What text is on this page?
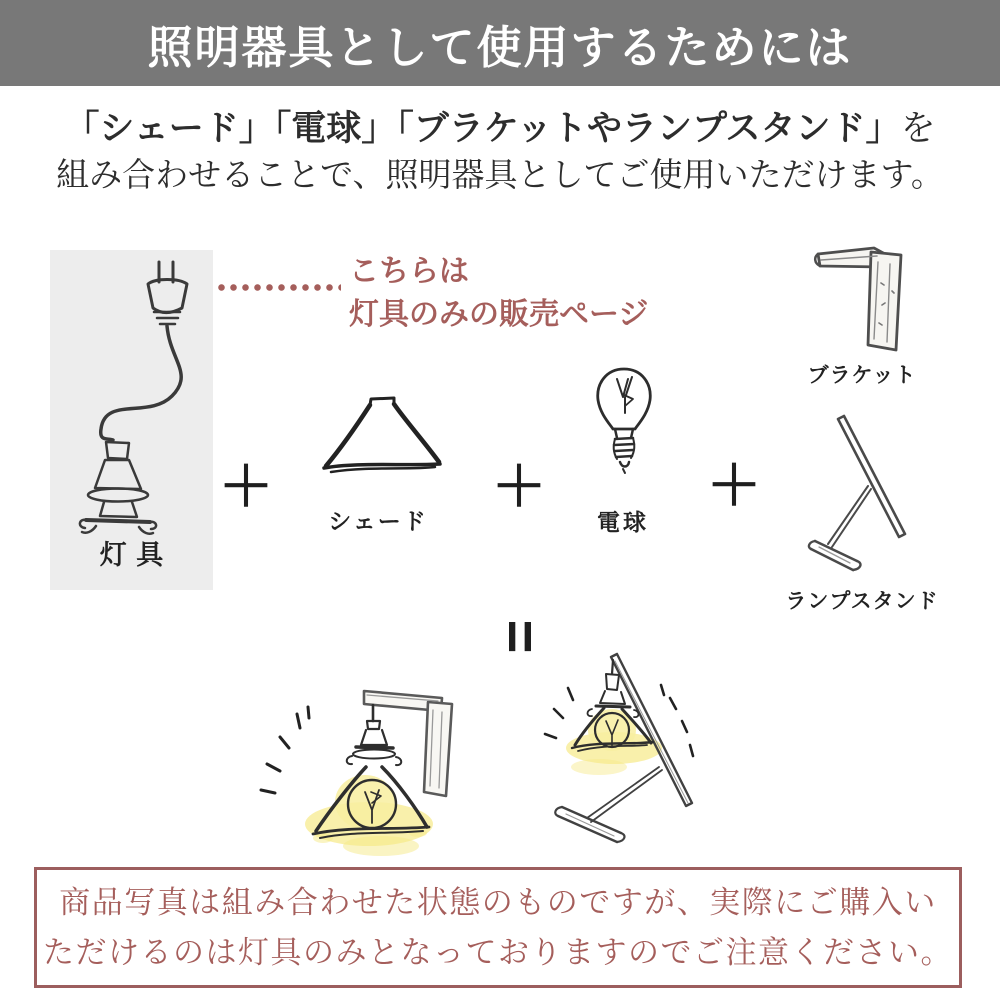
照明器具として使用するためには
「シェード」「電球」「ブラケットやランプスタンド」を
組み合わせることで、照明器具としてご使用いただけます。
灯具
こちらは
灯具のみの販売ページ
＋
シェード
＋
電球
＋
ブラケット
ランプスタンド
=
商品写真は組み合わせた状態のものですが、実際にご購入い
ただけるのは灯具のみとなっておりますのでご注意ください。
